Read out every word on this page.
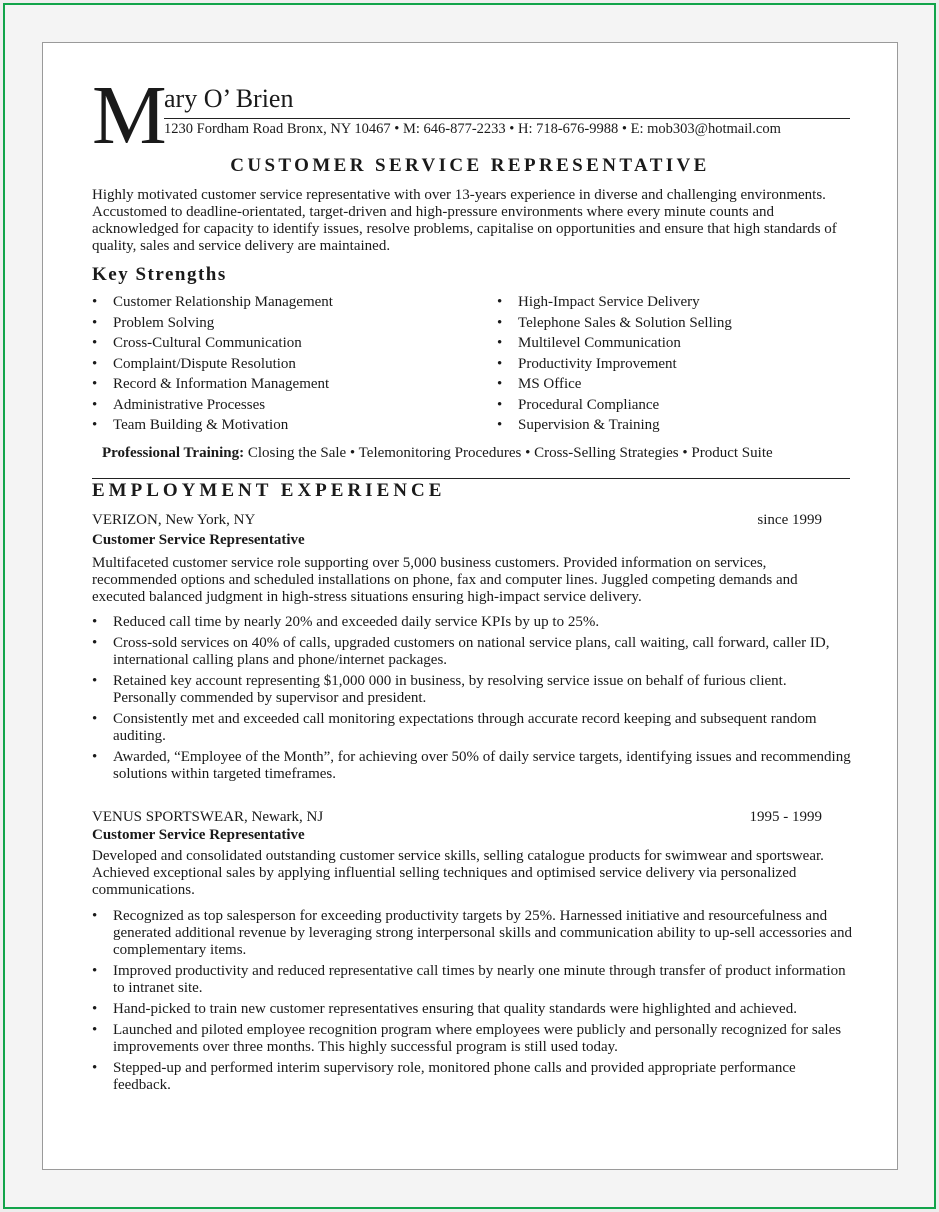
M
ary O’ Brien
1230 Fordham Road Bronx, NY 10467 • M: 646-877-2233 • H: 718-676-9988 • E: mob303@hotmail.com
CUSTOMER SERVICE REPRESENTATIVE
Highly motivated customer service representative with over 13-years experience in diverse and challenging environments. Accustomed to deadline-orientated, target-driven and high-pressure environments where every minute counts and acknowledged for capacity to identify issues, resolve problems, capitalise on opportunities and ensure that high standards of quality, sales and service delivery are maintained.
Key Strengths
• Customer Relationship Management
• Problem Solving
• Cross-Cultural Communication
• Complaint/Dispute Resolution
• Record & Information Management
• Administrative Processes
• Team Building & Motivation
• High-Impact Service Delivery
• Telephone Sales & Solution Selling
• Multilevel Communication
• Productivity Improvement
• MS Office
• Procedural Compliance
• Supervision & Training
Professional Training: Closing the Sale • Telemonitoring Procedures • Cross-Selling Strategies • Product Suite
EMPLOYMENT EXPERIENCE
VERIZON, New York, NY	since 1999
Customer Service Representative
Multifaceted customer service role supporting over 5,000 business customers. Provided information on services, recommended options and scheduled installations on phone, fax and computer lines. Juggled competing demands and executed balanced judgment in high-stress situations ensuring high-impact service delivery.
• Reduced call time by nearly 20% and exceeded daily service KPIs by up to 25%.
• Cross-sold services on 40% of calls, upgraded customers on national service plans, call waiting, call forward, caller ID, international calling plans and phone/internet packages.
• Retained key account representing $1,000 000 in business, by resolving service issue on behalf of furious client. Personally commended by supervisor and president.
• Consistently met and exceeded call monitoring expectations through accurate record keeping and subsequent random auditing.
• Awarded, “Employee of the Month”, for achieving over 50% of daily service targets, identifying issues and recommending solutions within targeted timeframes.
VENUS SPORTSWEAR, Newark, NJ	1995 - 1999
Customer Service Representative
Developed and consolidated outstanding customer service skills, selling catalogue products for swimwear and sportswear. Achieved exceptional sales by applying influential selling techniques and optimised service delivery via personalized communications.
• Recognized as top salesperson for exceeding productivity targets by 25%. Harnessed initiative and resourcefulness and generated additional revenue by leveraging strong interpersonal skills and communication ability to up-sell accessories and complementary items.
• Improved productivity and reduced representative call times by nearly one minute through transfer of product information to intranet site.
• Hand-picked to train new customer representatives ensuring that quality standards were highlighted and achieved.
• Launched and piloted employee recognition program where employees were publicly and personally recognized for sales improvements over three months. This highly successful program is still used today.
• Stepped-up and performed interim supervisory role, monitored phone calls and provided appropriate performance feedback.
